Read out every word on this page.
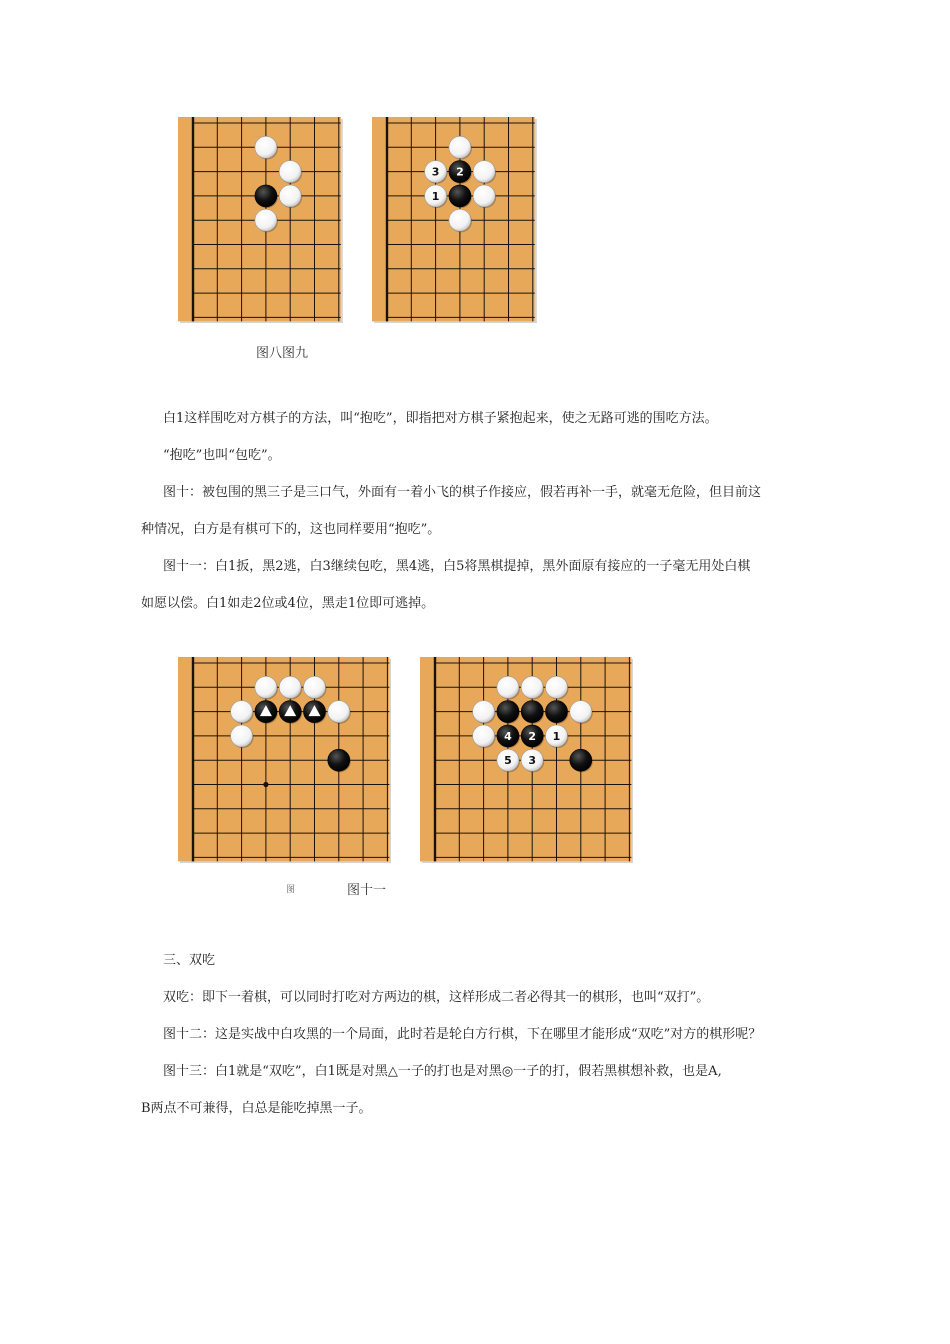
3 2
1
4 2 1
5 3
图八图九
图	图十一

白1这样围吃对方棋子的方法，叫“抱吃”，即指把对方棋子紧抱起来，使之无路可逃的围吃方法。

“抱吃”也叫“包吃”。

图十：被包围的黑三子是三口气，外面有一着小飞的棋子作接应，假若再补一手，就毫无危险，但目前这

种情况，白方是有棋可下的，这也同样要用“抱吃”。

图十一：白1扳，黑2逃，白3继续包吃，黑4逃，白5将黑棋提掉，黑外面原有接应的一子毫无用处白棋

如愿以偿。白1如走2位或4位，黑走1位即可逃掉。

三、双吃

双吃：即下一着棋，可以同时打吃对方两边的棋，这样形成二者必得其一的棋形，也叫“双打”。

图十二：这是实战中白攻黑的一个局面，此时若是轮白方行棋，下在哪里才能形成“双吃”对方的棋形呢？

图十三：白1就是“双吃”，白1既是对黑△一子的打也是对黑◎一子的打，假若黑棋想补救，也是A,

B两点不可兼得，白总是能吃掉黑一子。
